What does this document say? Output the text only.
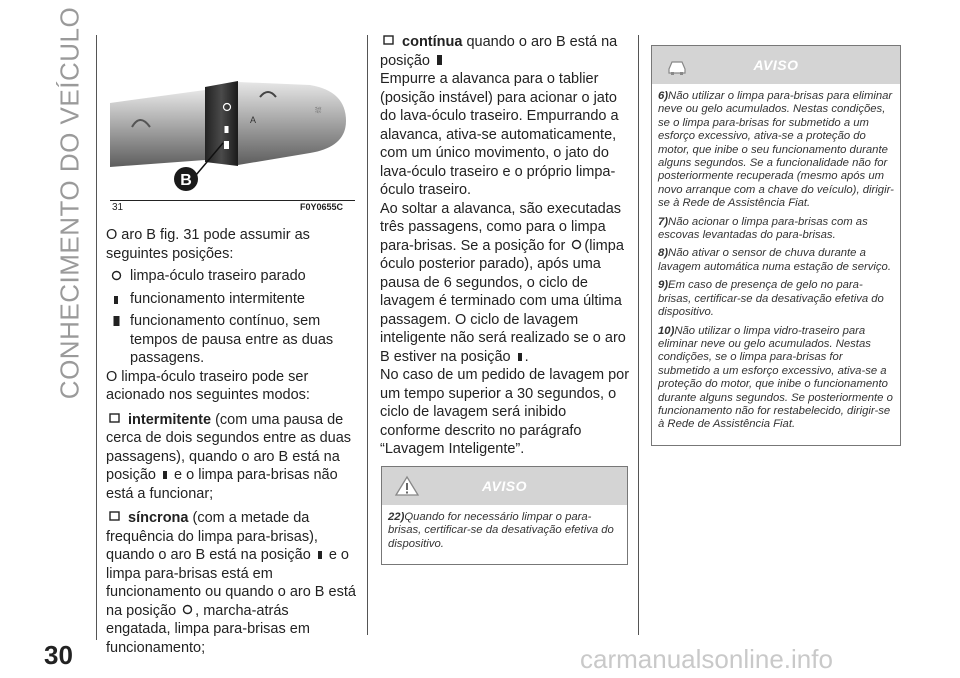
CONHECIMENTO DO VEÍCULO
30	carmanualsonline.info
A
⛆
B
31	F0Y0655C

O aro B fig. 31 pode assumir as seguintes posições:

limpa-óculo traseiro parado
funcionamento intermitente
funcionamento contínuo, sem tempos de pausa entre as duas passagens.

O limpa-óculo traseiro pode ser acionado nos seguintes modos:

intermitente (com uma pausa de cerca de dois segundos entre as duas passagens), quando o aro B está na posição e o limpa para-brisas não está a funcionar;

síncrona (com a metade da frequência do limpa para-brisas), quando o aro B está na posição e o limpa para-brisas está em funcionamento ou quando o aro B está na posição , marcha-atrás engatada, limpa para-brisas em funcionamento;

contínua quando o aro B está na posição

Empurre a alavanca para o tablier (posição instável) para acionar o jato do lava-óculo traseiro. Empurrando a alavanca, ativa-se automaticamente, com um único movimento, o jato do lava-óculo traseiro e o próprio limpa-óculo traseiro.

Ao soltar a alavanca, são executadas três passagens, como para o limpa para-brisas. Se a posição for (limpa óculo posterior parado), após uma pausa de 6 segundos, o ciclo de lavagem é terminado com uma última passagem. O ciclo de lavagem inteligente não será realizado se o aro B estiver na posição .

No caso de um pedido de lavagem por um tempo superior a 30 segundos, o ciclo de lavagem será inibido conforme descrito no parágrafo “Lavagem Inteligente”.

AVISO

22)Quando for necessário limpar o para-brisas, certificar-se da desativação efetiva do dispositivo.

AVISO

6)Não utilizar o limpa para-brisas para eliminar neve ou gelo acumulados. Nestas condições, se o limpa para-brisas for submetido a um esforço excessivo, ativa-se a proteção do motor, que inibe o seu funcionamento durante alguns segundos. Se a funcionalidade não for posteriormente recuperada (mesmo após um novo arranque com a chave do veículo), dirigir-se à Rede de Assistência Fiat.

7)Não acionar o limpa para-brisas com as escovas levantadas do para-brisas.

8)Não ativar o sensor de chuva durante a lavagem automática numa estação de serviço.

9)Em caso de presença de gelo no para-brisas, certificar-se da desativação efetiva do dispositivo.

10)Não utilizar o limpa vidro-traseiro para eliminar neve ou gelo acumulados. Nestas condições, se o limpa para-brisas for submetido a um esforço excessivo, ativa-se a proteção do motor, que inibe o funcionamento durante alguns segundos. Se posteriormente o funcionamento não for restabelecido, dirigir-se à Rede de Assistência Fiat.
